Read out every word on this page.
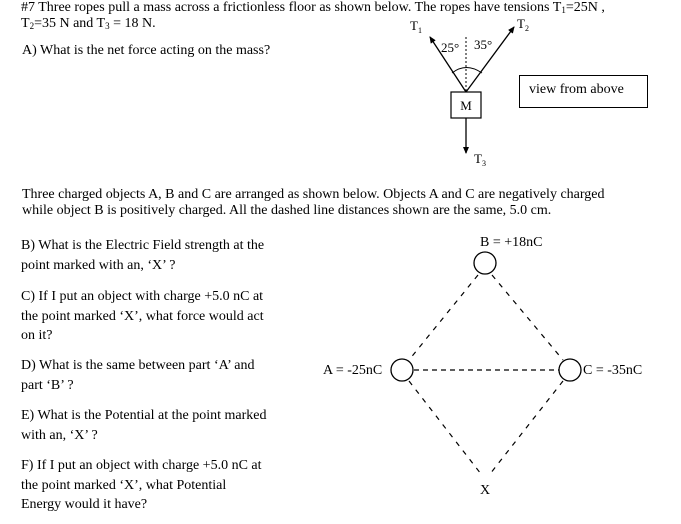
#7 Three ropes pull a mass across a frictionless floor as shown below. The ropes have tensions $T_1=25N$ ,
$T_2=35$ N and $T_3 = 18$ N.
A) What is the net force acting on the mass?
M
25° 35°
$T_1$	$T_2$
$T_3$
view from above
Three charged objects A, B and C are arranged as shown below. Objects A and C are negatively charged
while object B is positively charged. All the dashed line distances shown are the same, 5.0 cm.
B) What is the Electric Field strength at the
point marked with an, ‘X’ ?
C) If I put an object with charge +5.0 nC at
the point marked ‘X’, what force would act
on it?
D) What is the same between part ‘A’ and
part ‘B’ ?
E) What is the Potential at the point marked
with an, ‘X’ ?
F) If I put an object with charge +5.0 nC at
the point marked ‘X’, what Potential
Energy would it have?
B = +18nC
A = -25nC	C = -35nC
X
